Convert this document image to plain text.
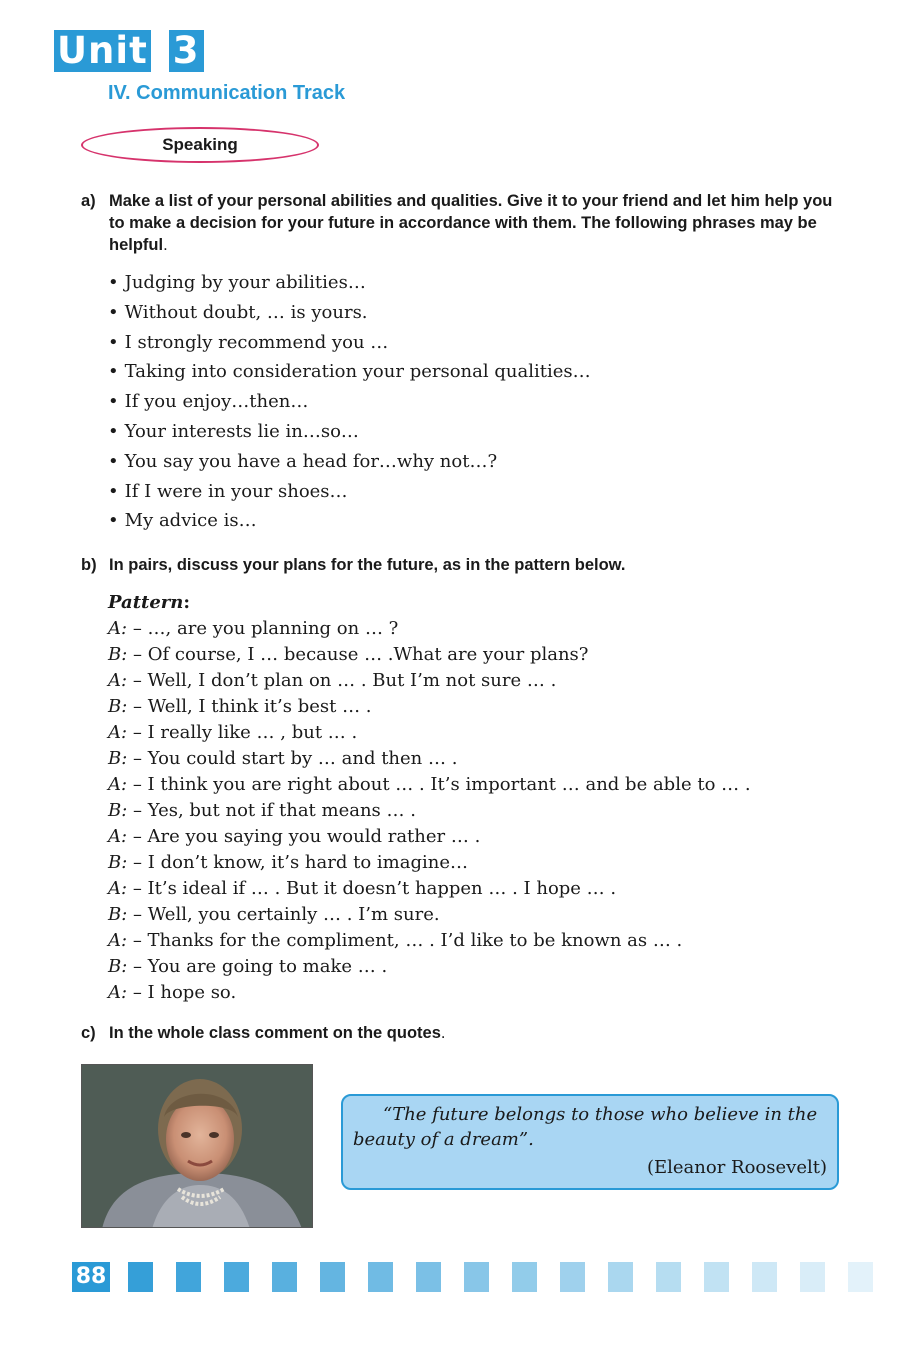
Unit 3
IV. Communication Track
Speaking
a) Make a list of your personal abilities and qualities. Give it to your friend and let him help you to make a decision for your future in accordance with them. The following phrases may be helpful.
• Judging by your abilities…
• Without doubt, … is yours.
• I strongly recommend you …
• Taking into consideration your personal qualities…
• If you enjoy…then…
• Your interests lie in…so…
• You say you have a head for…why not…?
• If I were in your shoes…
• My advice is…
b) In pairs, discuss your plans for the future, as in the pattern below.
Pattern:
A: – …, are you planning on … ?
B: – Of course, I … because … .What are your plans?
A: – Well, I don’t plan on … . But I’m not sure … .
B: – Well, I think it’s best … .
A: – I really like … , but … .
B: – You could start by … and then … .
A: – I think you are right about … . It’s important … and be able to … .
B: – Yes, but not if that means … .
A: – Are you saying you would rather … .
B: – I don’t know, it’s hard to imagine…
A: – It’s ideal if … . But it doesn’t happen … . I hope … .
B: – Well, you certainly … . I’m sure.
A: – Thanks for the compliment, … . I’d like to be known as … .
B: – You are going to make … .
A: – I hope so.
c) In the whole class comment on the quotes.

“The future belongs to those who believe in the beauty of a dream”.

(Eleanor Roosevelt)

88
